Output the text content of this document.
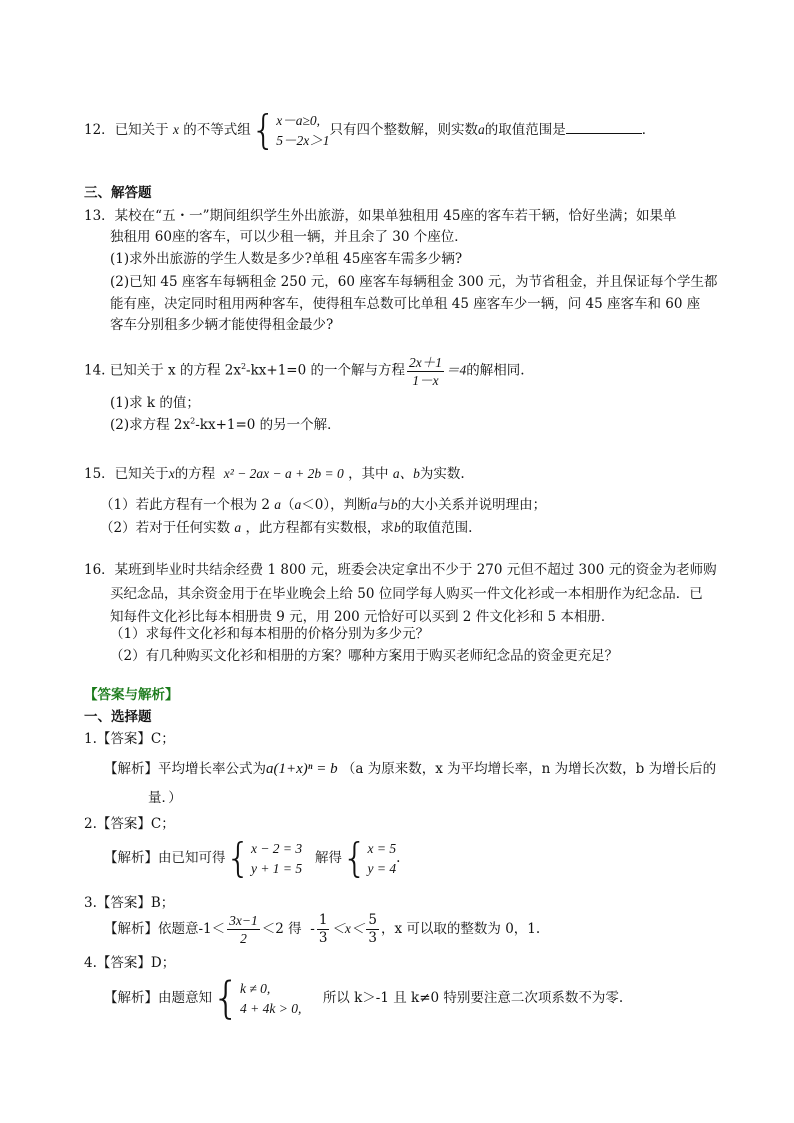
12．已知关于 x 的不等式组{ x－a≥0,
5－2x＞1
只有四个整数解，则实数a的取值范围是	．
三、解答题
13．某校在“五・一”期间组织学生外出旅游，如果单独租用 45座的客车若干辆，恰好坐满；如果单
独租用 60座的客车，可以少租一辆，并且余了 30 个座位．
(1)求外出旅游的学生人数是多少?单租 45座客车需多少辆?
(2)已知 45 座客车每辆租金 250 元，60 座客车每辆租金 300 元，为节省租金，并且保证每个学生都
能有座，决定同时租用两种客车，使得租车总数可比单租 45 座客车少一辆，问 45 座客车和 60 座
客车分别租多少辆才能使得租金最少?
14. 已知关于 x 的方程 $2x^2-kx+1=0$ 的一个解与方程 $\frac{2x+1}{1-x} =4$的解相同.
(1)求 k 的值；
(2)求方程 $2x^2-kx+1=0$ 的另一个解．
15．已知关于x的方程 x² − 2ax − a + 2b = 0 ，其中 a、b为实数.
（1）若此方程有一个根为 2 a（a＜0），判断a与b的大小关系并说明理由；
（2）若对于任何实数 a ，此方程都有实数根，求b的取值范围.
16．某班到毕业时共结余经费 1 800 元，班委会决定拿出不少于 270 元但不超过 300 元的资金为老师购
买纪念品，其余资金用于在毕业晚会上给 50 位同学每人购买一件文化衫或一本相册作为纪念品．已
知每件文化衫比每本相册贵 9 元，用 200 元恰好可以买到 2 件文化衫和 5 本相册．
（1）求每件文化衫和每本相册的价格分别为多少元？
（2）有几种购买文化衫和相册的方案？哪种方案用于购买老师纪念品的资金更充足？
【答案与解析】
一、选择题
1.【答案】C；
【解析】平均增长率公式为a(1+x)ⁿ = b （a 为原来数，x 为平均增长率，n 为增长次数，b 为增长后的
量．）
2.【答案】C；
【解析】由已知可得{ x − 2 = 3
y + 1 = 5
解得{ x = 5
y = 4
.
3.【答案】B；
【解析】依题意$-1< \frac{3x-1}{2} <2$ 得 - $\frac{1}{3} <x< \frac{5}{3}$ ，x 可以取的整数为 0，1.
4.【答案】D；
【解析】由题意知{ k ≠ 0,
4 + 4k > 0,
所以 k＞-1 且 k≠0 特别要注意二次项系数不为零.
